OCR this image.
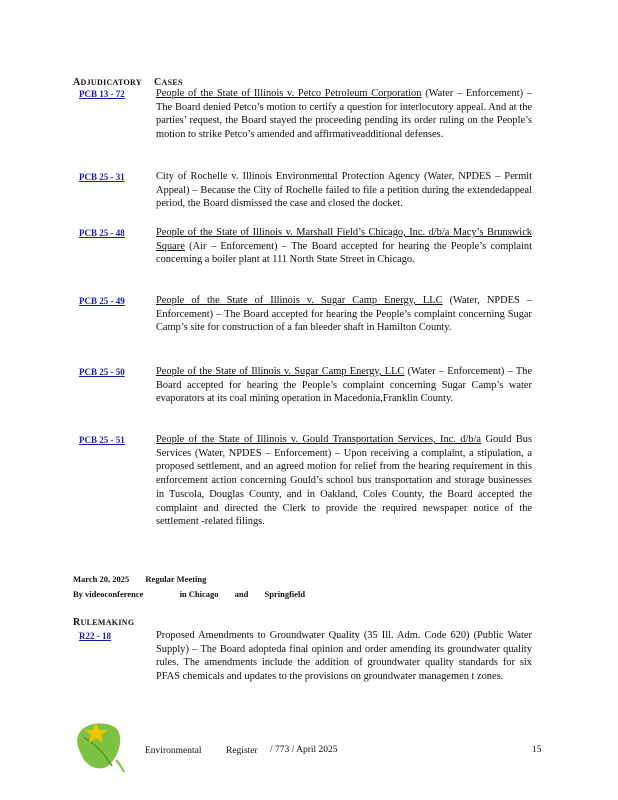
ADJUDICATORY CASES
PCB 13 - 72	People of the State of Illinois v. Petco Petroleum Corporation (Water – Enforcement) – The Board denied Petco’s motion to certify a question for interlocutory appeal. And at the parties’ request, the Board stayed the proceeding pending its order ruling on the People’s motion to strike Petco’s amended and affirmativeadditional defenses.
PCB 25 - 31	City of Rochelle v. Illinois Environmental Protection Agency (Water, NPDES – Permit Appeal) – Because the City of Rochelle failed to file a petition during the extendedappeal period, the Board dismissed the case and closed the docket.
PCB 25 - 48	People of the State of Illinois v. Marshall Field’s Chicago, Inc. d/b/a Macy’s Brunswick Square (Air – Enforcement) – The Board accepted for hearing the People’s complaint concerning a boiler plant at 111 North State Street in Chicago.
PCB 25 - 49	People of the State of Illinois v. Sugar Camp Energy, LLC (Water, NPDES – Enforcement) – The Board accepted for hearing the People’s complaint concerning Sugar Camp’s site for construction of a fan bleeder shaft in Hamilton County.
PCB 25 - 50	People of the State of Illinois v. Sugar Camp Energy, LLC (Water – Enforcement) – The Board accepted for hearing the People’s complaint concerning Sugar Camp’s water evaporators at its coal mining operation in Macedonia,Franklin County.
PCB 25 - 51	People of the State of Illinois v. Gould Transportation Services, Inc. d/b/a Gould Bus Services (Water, NPDES – Enforcement) – Upon receiving a complaint, a stipulation, a proposed settlement, and an agreed motion for relief from the hearing requirement in this enforcement action concerning Gould’s school bus transportation and storage businesses in Tuscola, Douglas County, and in Oakland, Coles County, the Board accepted the complaint and directed the Clerk to provide the required newspaper notice of the settlement -related filings.
March 20, 2025 Regular Meeting
By videoconference	in Chicago and Springfield
RULEMAKING
R22 - 18	Proposed Amendments to Groundwater Quality (35 Ill. Adm. Code 620) (Public Water Supply) – The Board adopteda final opinion and order amending its groundwater quality rules. The amendments include the addition of groundwater quality standards for six PFAS chemicals and updates to the provisions on groundwater managemen t zones.
Environmental	Register / 773 / April 2025	15
